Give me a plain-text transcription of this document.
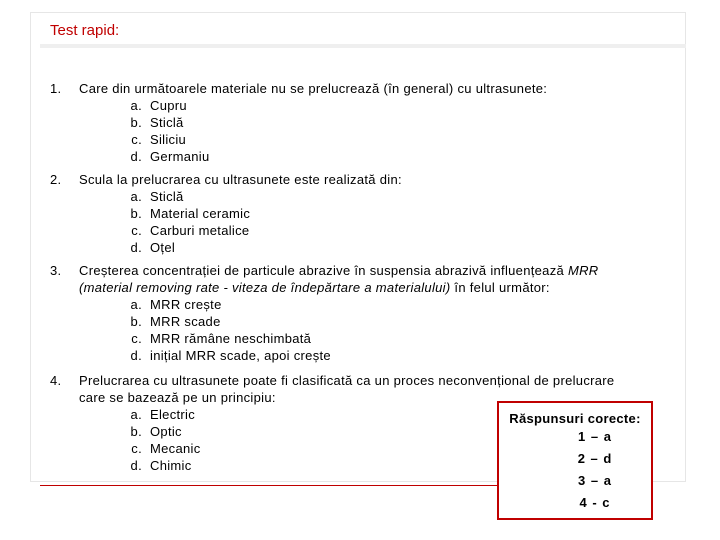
Test rapid:
1. Care din următoarele materiale nu se prelucrează (în general) cu ultrasunete:
a. Cupru
b. Sticlă
c. Siliciu
d. Germaniu
2. Scula la prelucrarea cu ultrasunete este realizată din:
a. Sticlă
b. Material ceramic
c. Carburi metalice
d. Oțel
3. Creșterea concentrației de particule abrazive în suspensia abrazivă influențează MRR
(material removing rate - viteza de îndepărtare a materialului) în felul următor:
a. MRR crește
b. MRR scade
c. MRR rămâne neschimbată
d. inițial MRR scade, apoi crește
4. Prelucrarea cu ultrasunete poate fi clasificată ca un proces neconvențional de prelucrare
care se bazează pe un principiu:
a. Electric
b. Optic
c. Mecanic
d. Chimic
Răspunsuri corecte:
1 – a
2 – d
3 – a
4 - c
